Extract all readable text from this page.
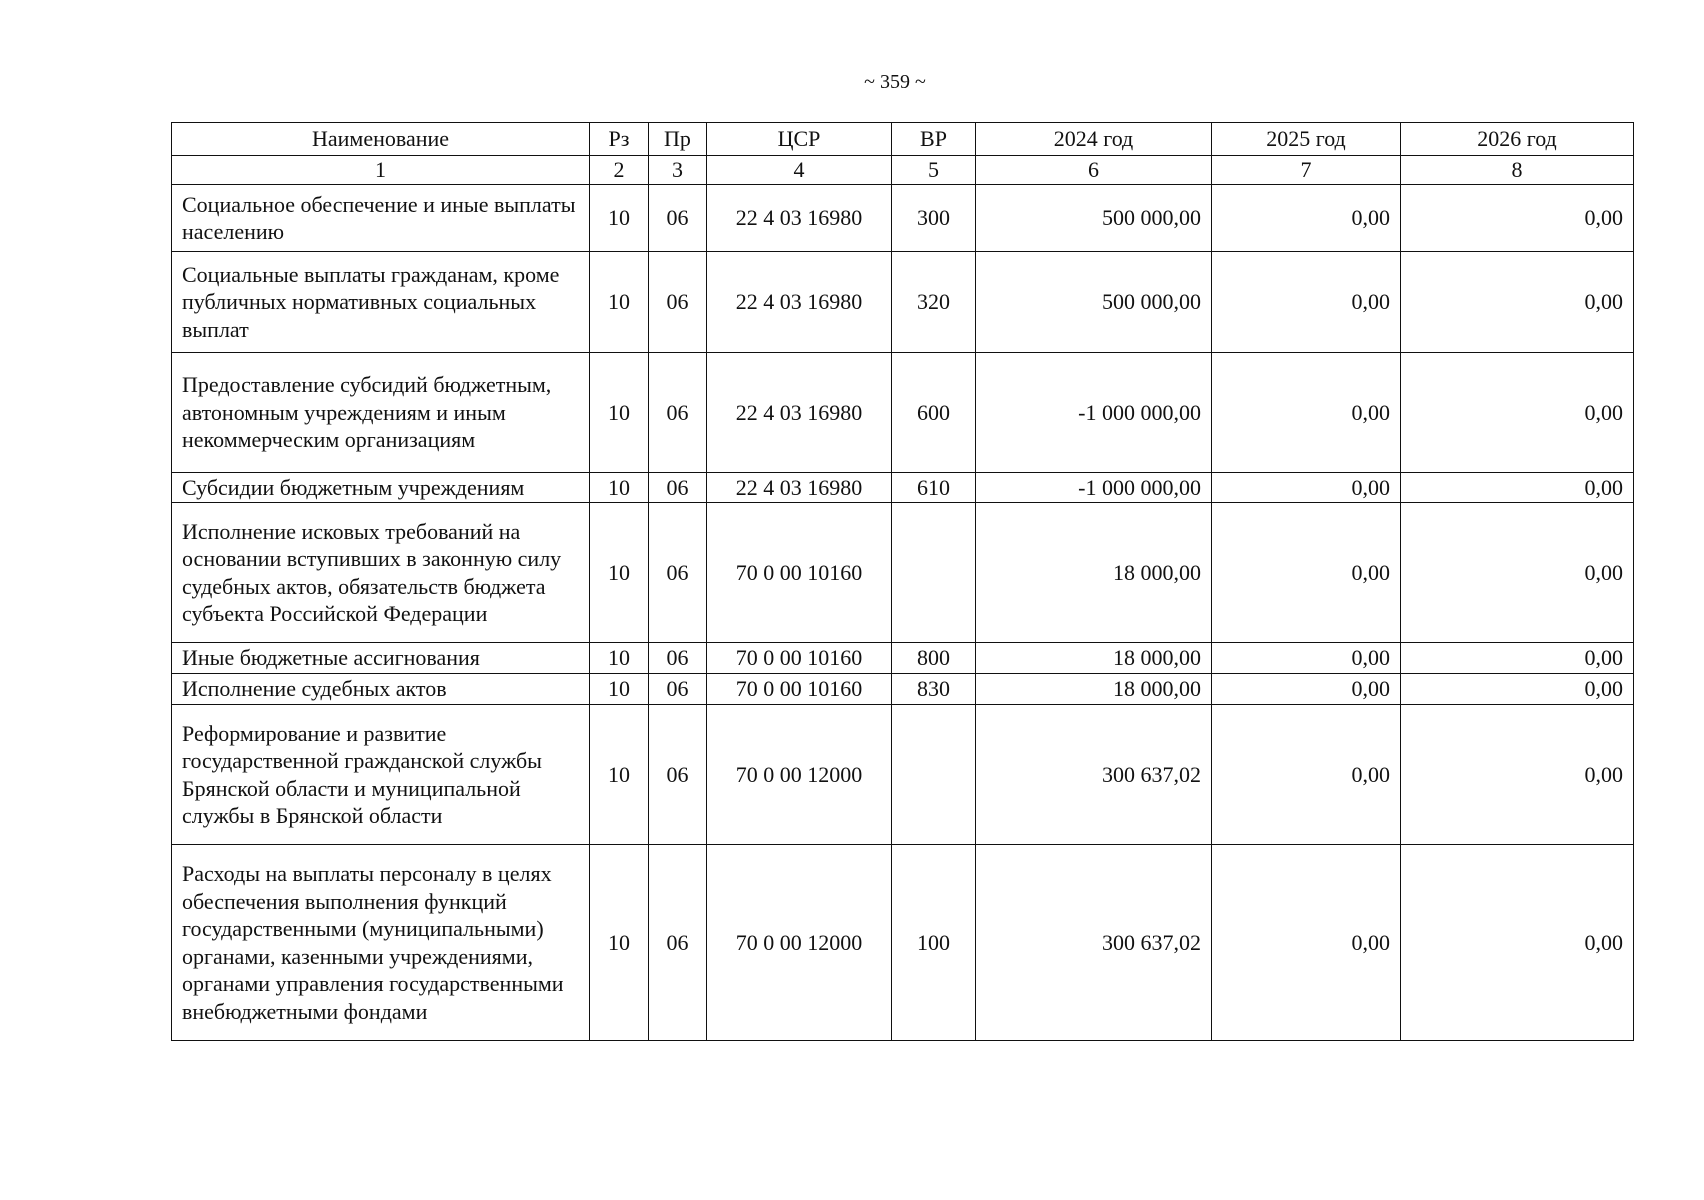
~ 359 ~
Наименование	Рз	Пр	ЦСР	ВР	2024 год	2025 год	2026 год
1	2	3	4	5	6	7	8
Социальное обеспечение и иные выплаты населению	10	06	22 4 03 16980	300	500 000,00	0,00	0,00
Социальные выплаты гражданам, кроме публичных нормативных социальных выплат	10	06	22 4 03 16980	320	500 000,00	0,00	0,00
Предоставление субсидий бюджетным, автономным учреждениям и иным некоммерческим организациям	10	06	22 4 03 16980	600	-1 000 000,00	0,00	0,00
Субсидии бюджетным учреждениям	10	06	22 4 03 16980	610	-1 000 000,00	0,00	0,00
Исполнение исковых требований на основании вступивших в законную силу судебных актов, обязательств бюджета субъекта Российской Федерации	10	06	70 0 00 10160		18 000,00	0,00	0,00
Иные бюджетные ассигнования	10	06	70 0 00 10160	800	18 000,00	0,00	0,00
Исполнение судебных актов	10	06	70 0 00 10160	830	18 000,00	0,00	0,00
Реформирование и развитие государственной гражданской службы Брянской области и муниципальной службы в Брянской области	10	06	70 0 00 12000		300 637,02	0,00	0,00
Расходы на выплаты персоналу в целях обеспечения выполнения функций государственными (муниципальными) органами, казенными учреждениями, органами управления государственными внебюджетными фондами	10	06	70 0 00 12000	100	300 637,02	0,00	0,00
